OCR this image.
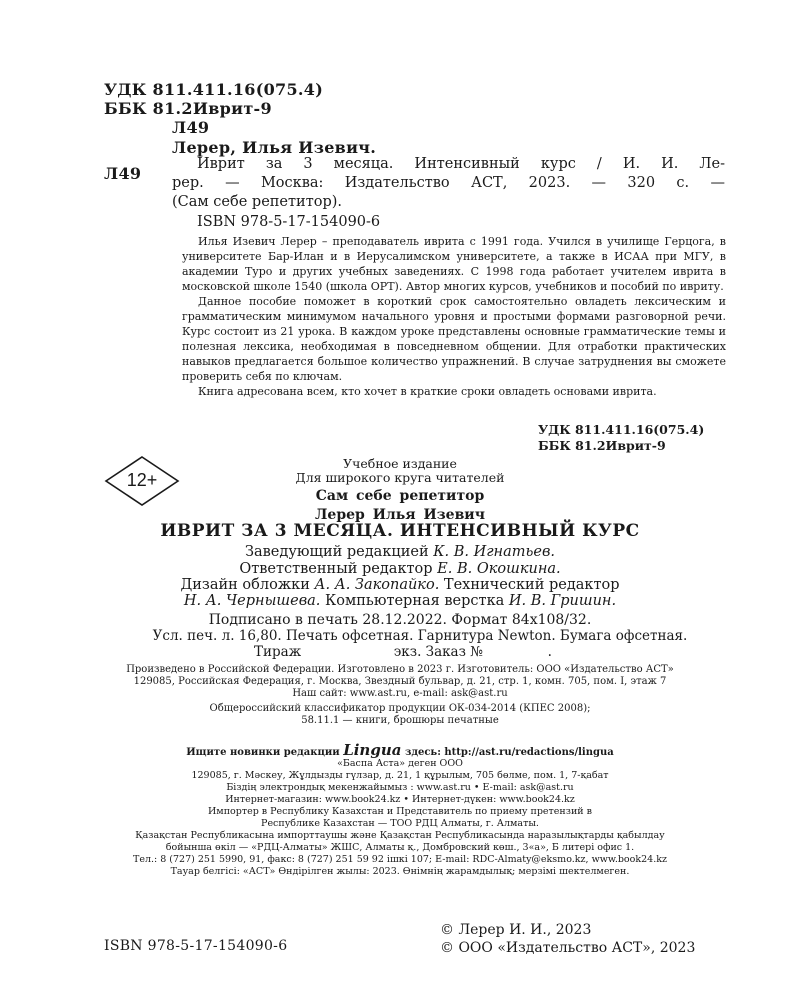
УДК 811.411.16(075.4)
ББК 81.2Иврит-9
Л49
Л49
Лерер, Илья Изевич.
Иврит за 3 месяца. Интенсивный курс / И. И. Ле-
рер. — Москва: Издательство АСТ, 2023. — 320 с. —
(Сам себе репетитор).
ISBN 978-5-17-154090-6

Илья Изевич Лерер – преподаватель иврита с 1991 года. Учился в училище Герцога, в университете Бар-Илан и в Иерусалимском университете, а также в ИСАА при МГУ, в академии Туро и других учебных заведениях. С 1998 года работает учителем иврита в московской школе 1540 (школа ОРТ). Автор многих курсов, учебников и пособий по ивриту.

Данное пособие поможет в короткий срок самостоятельно овладеть лексическим и грамматическим минимумом начального уровня и простыми формами разговорной речи. Курс состоит из 21 урока. В каждом уроке представлены основные грамматические темы и полезная лексика, необходимая в повседневном общении. Для отработки практических навыков предлагается большое количество упражнений. В случае затруднения вы сможете проверить себя по ключам.

Книга адресована всем, кто хочет в краткие сроки овладеть основами иврита.

УДК 811.411.16(075.4)
ББК 81.2Иврит-9
12+
Учебное издание
Для широкого круга читателей
Сам себе репетитор
Лерер Илья Изевич
ИВРИТ ЗА 3 МЕСЯЦА. ИНТЕНСИВНЫЙ КУРС
Заведующий редакцией К. В. Игнатьев.
Ответственный редактор Е. В. Окошкина.
Дизайн обложки А. А. Закопайко. Технический редактор
Н. А. Чернышева. Компьютерная верстка И. В. Гришин.
Подписано в печать 28.12.2022. Формат 84x108/32.
Усл. печ. л. 16,80. Печать офсетная. Гарнитура Newton. Бумага офсетная.
Тираж	экз. Заказ №	.
Произведено в Российской Федерации. Изготовлено в 2023 г. Изготовитель: ООО «Издательство АСТ»
129085, Российская Федерация, г. Москва, Звездный бульвар, д. 21, стр. 1, комн. 705, пом. I, этаж 7
Наш сайт: www.ast.ru, e-mail: ask@ast.ru
Общероссийский классификатор продукции ОК-034-2014 (КПЕС 2008);
58.11.1 — книги, брошюры печатные
Ищите новинки редакции Lingua здесь: http://ast.ru/redactions/lingua
«Баспа Аста» деген ООО
129085, г. Мәскеу, Жұлдызды гүлзар, д. 21, 1 құрылым, 705 бөлме, пом. 1, 7-қабат
Біздің электрондық мекенжайымыз : www.ast.ru • E-mail: ask@ast.ru
Интернет-магазин: www.book24.kz • Интернет-дүкен: www.book24.kz
Импортер в Республику Казахстан и Представитель по приему претензий в
Республике Казахстан — ТОО РДЦ Алматы, г. Алматы.
Қазақстан Республикасына импорттаушы және Қазақстан Республикасында наразылықтарды қабылдау
бойынша өкіл — «РДЦ-Алматы» ЖШС, Алматы қ., Домбровский көш., 3«а», Б литері офис 1.
Тел.: 8 (727) 251 5990, 91, факс: 8 (727) 251 59 92 ішкі 107; E-mail: RDC-Almaty@eksmo.kz, www.book24.kz
Тауар белгісі: «АСТ» Өндірілген жылы: 2023. Өнімнің жарамдылық; мерзімі шектелмеген.
ISBN 978-5-17-154090-6
© Лерер И. И., 2023
© ООО «Издательство АСТ», 2023
